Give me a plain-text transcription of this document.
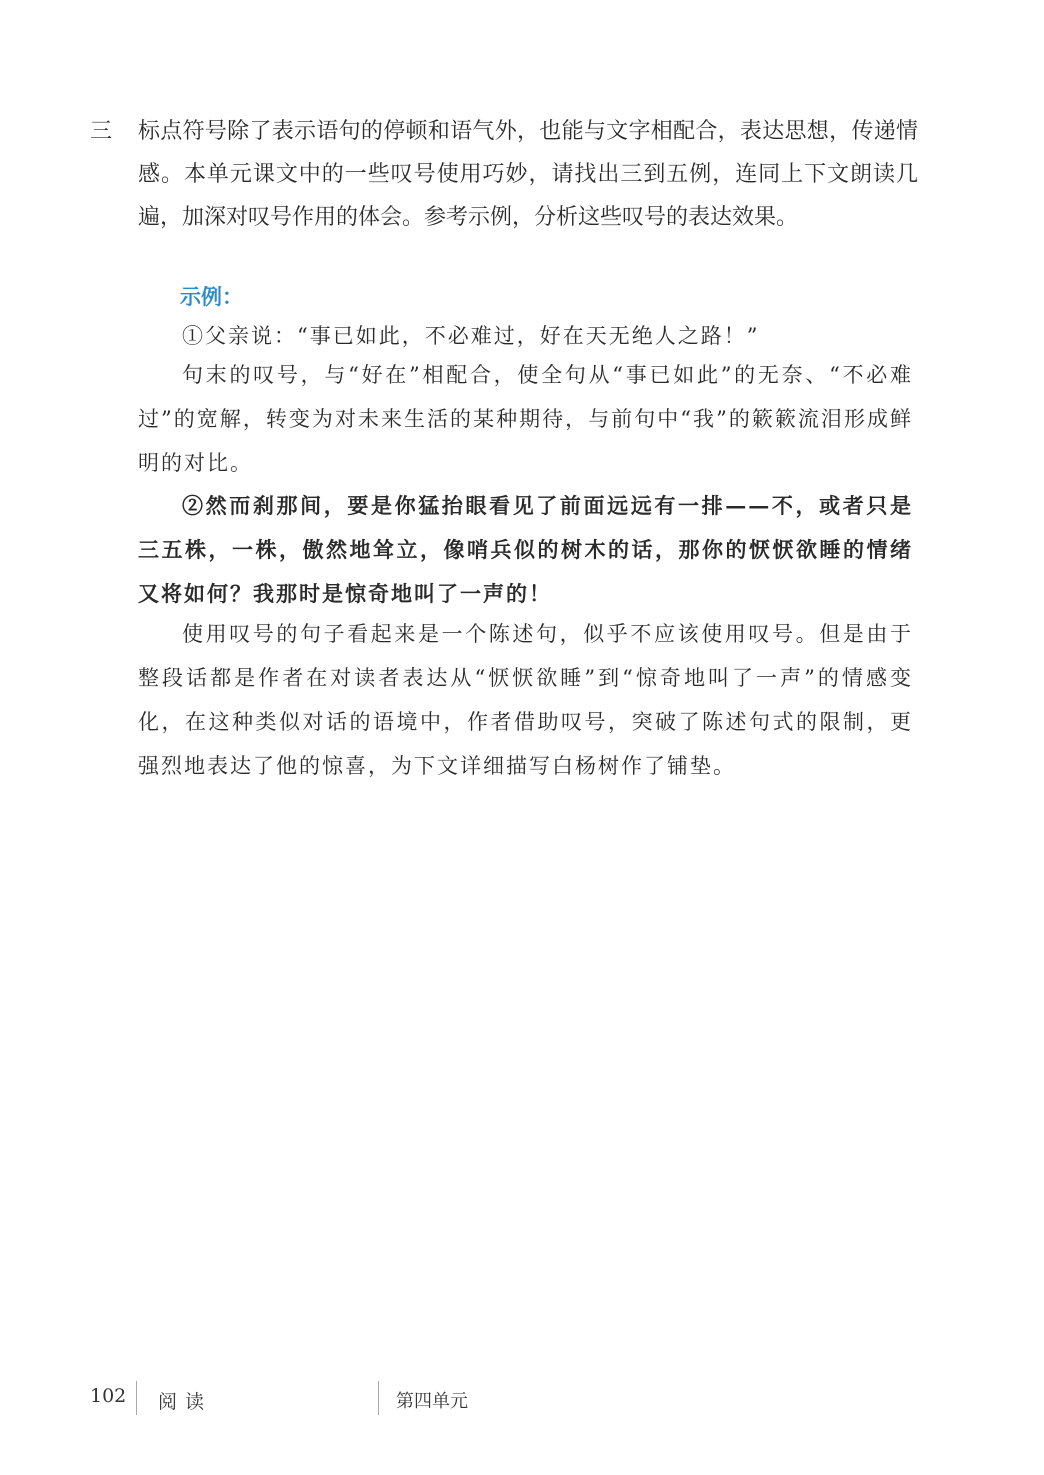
三 标点符号除了表示语句的停顿和语气外，也能与文字相配合，表达思想，传递情感。本单元课文中的一些叹号使用巧妙，请找出三到五例，连同上下文朗读几遍，加深对叹号作用的体会。参考示例，分析这些叹号的表达效果。

示例：

①父亲说：“事已如此，不必难过，好在天无绝人之路！”

句末的叹号，与“好在”相配合，使全句从“事已如此”的无奈、“不必难过”的宽解，转变为对未来生活的某种期待，与前句中“我”的簌簌流泪形成鲜明的对比。

②然而刹那间，要是你猛抬眼看见了前面远远有一排——不，或者只是三五株，一株，傲然地耸立，像哨兵似的树木的话，那你的恹恹欲睡的情绪又将如何？我那时是惊奇地叫了一声的！

使用叹号的句子看起来是一个陈述句，似乎不应该使用叹号。但是由于整段话都是作者在对读者表达从“恹恹欲睡”到“惊奇地叫了一声”的情感变化，在这种类似对话的语境中，作者借助叹号，突破了陈述句式的限制，更强烈地表达了他的惊喜，为下文详细描写白杨树作了铺垫。

102 阅读	第四单元
